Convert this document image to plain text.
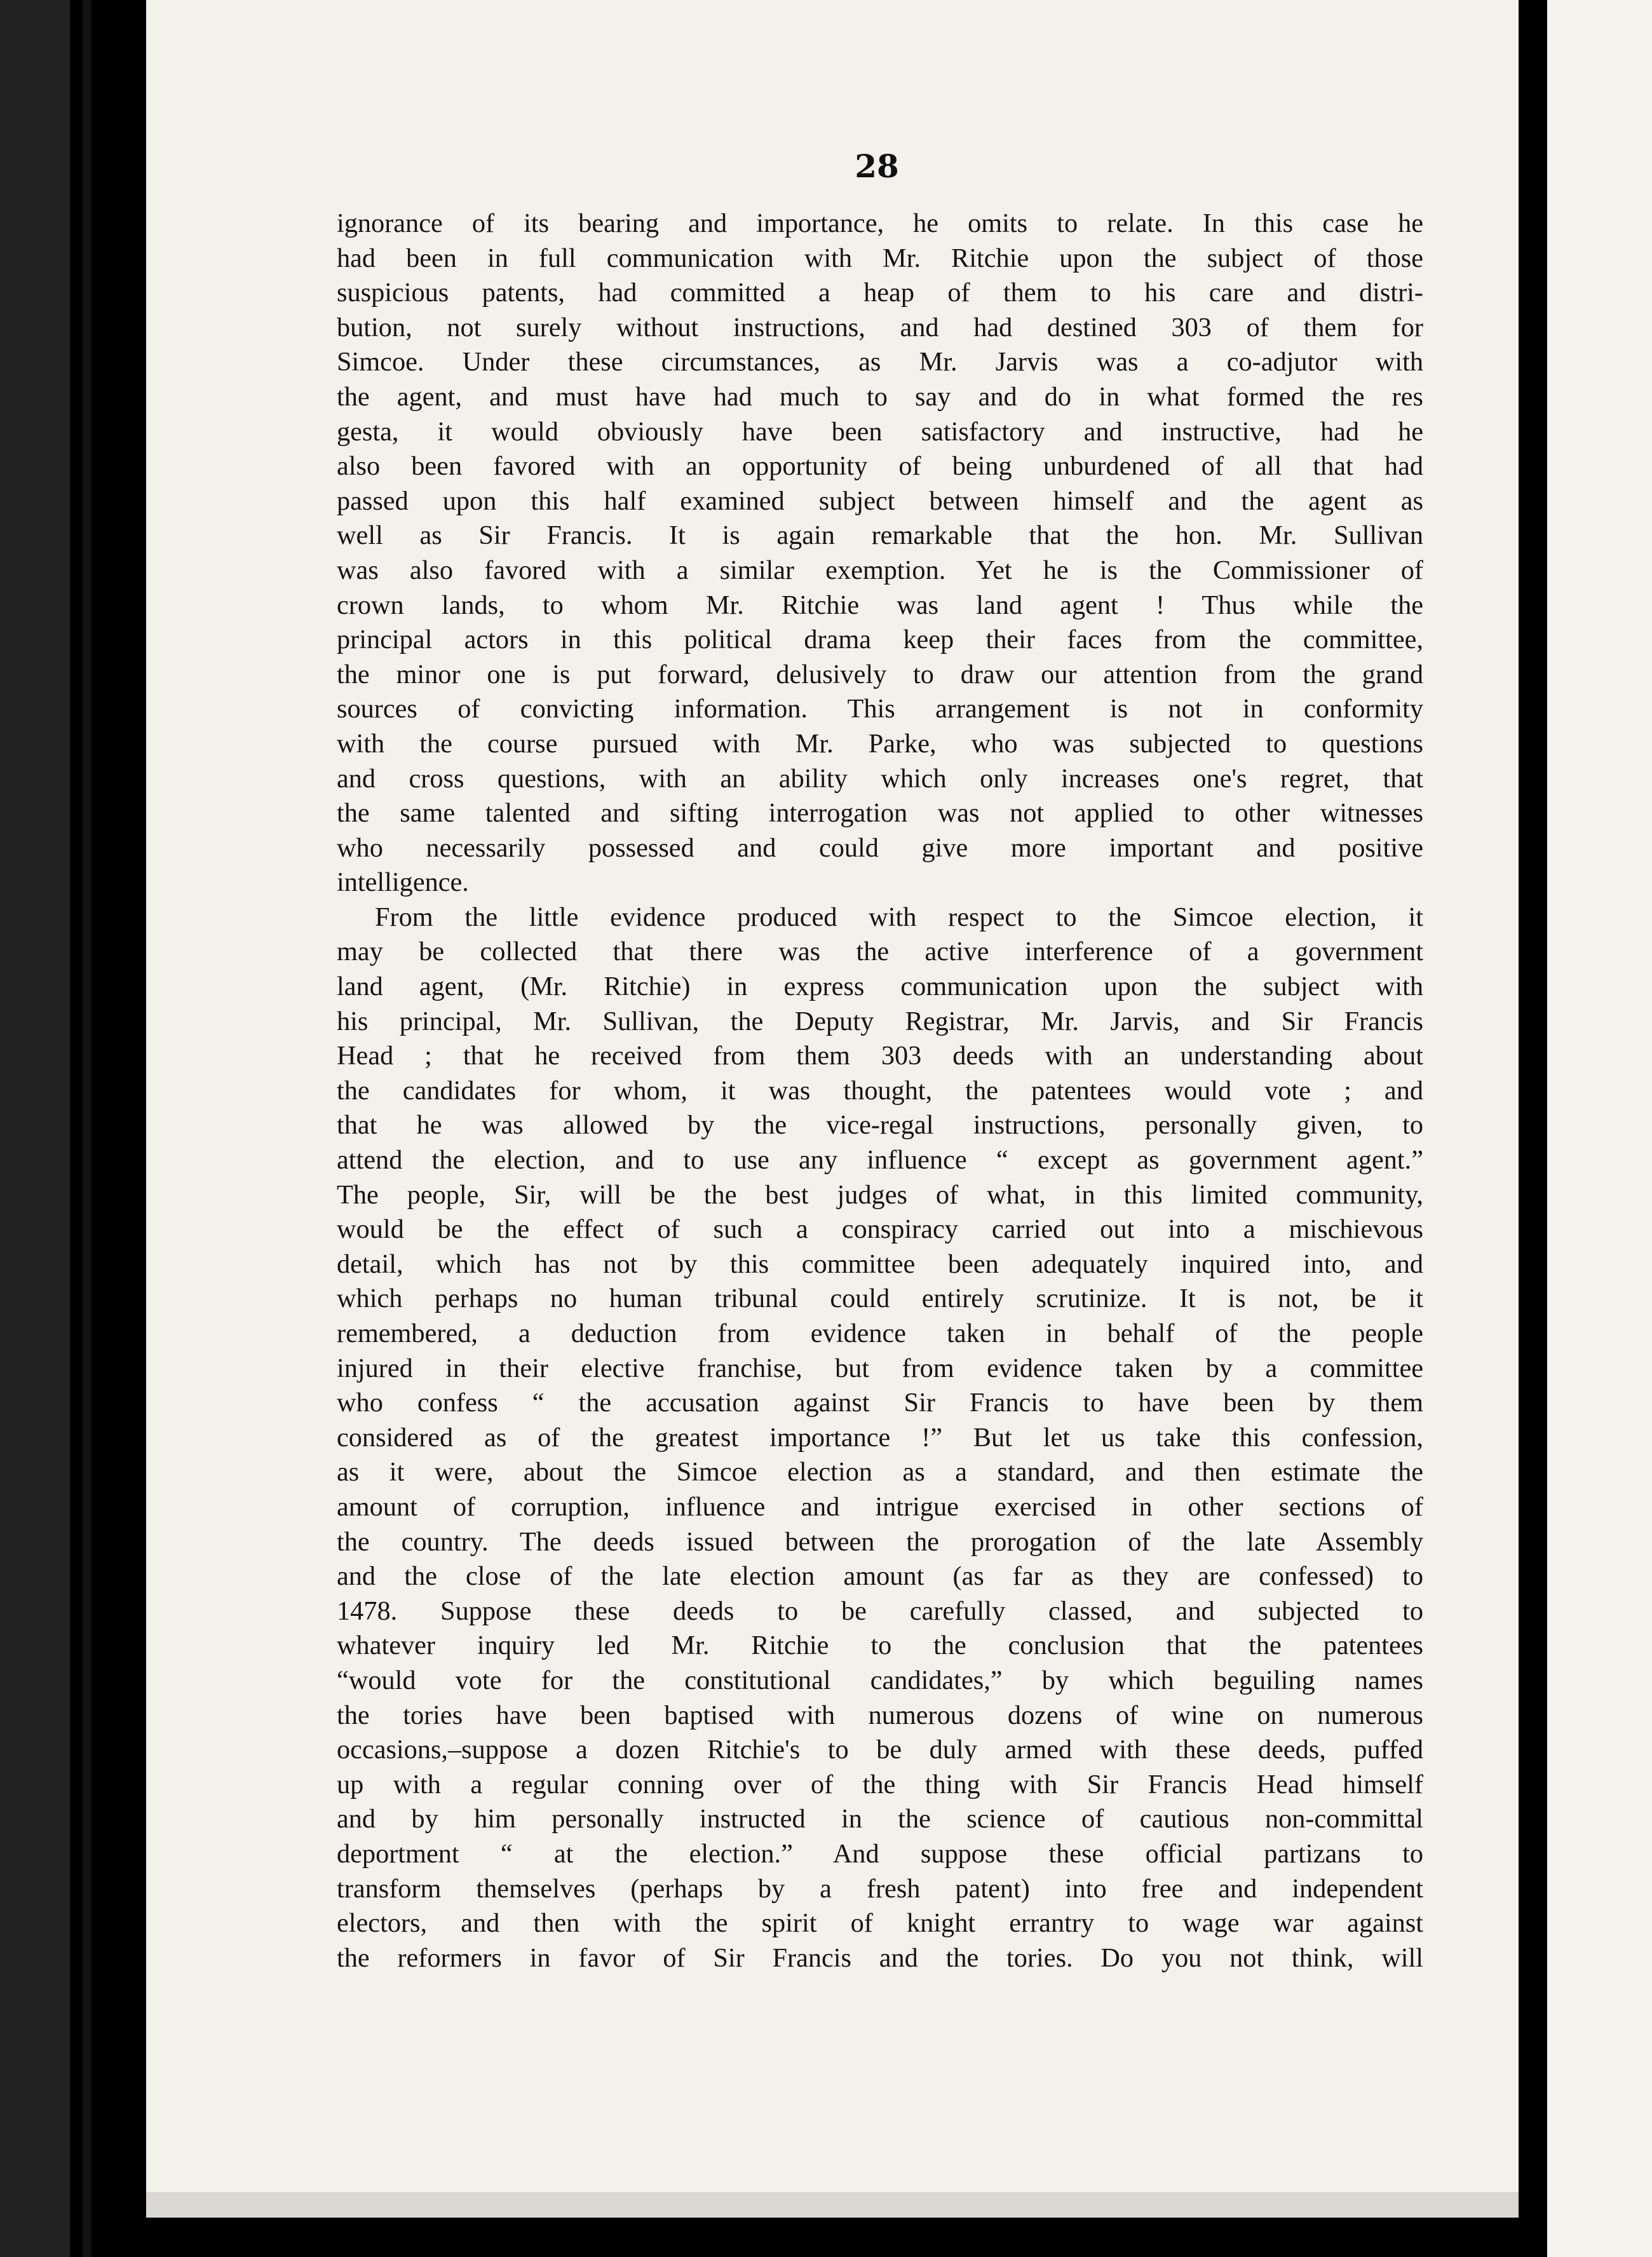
28
ignorance of its bearing and importance, he omits to relate. In this case he
had been in full communication with Mr. Ritchie upon the subject of those
suspicious patents, had committed a heap of them to his care and distri-
bution, not surely without instructions, and had destined 303 of them for
Simcoe. Under these circumstances, as Mr. Jarvis was a co-adjutor with
the agent, and must have had much to say and do in what formed the res
gesta, it would obviously have been satisfactory and instructive, had he
also been favored with an opportunity of being unburdened of all that had
passed upon this half examined subject between himself and the agent as
well as Sir Francis. It is again remarkable that the hon. Mr. Sullivan
was also favored with a similar exemption. Yet he is the Commissioner of
crown lands, to whom Mr. Ritchie was land agent ! Thus while the
principal actors in this political drama keep their faces from the committee,
the minor one is put forward, delusively to draw our attention from the grand
sources of convicting information. This arrangement is not in conformity
with the course pursued with Mr. Parke, who was subjected to questions
and cross questions, with an ability which only increases one's regret, that
the same talented and sifting interrogation was not applied to other witnesses
who necessarily possessed and could give more important and positive
intelligence.
From the little evidence produced with respect to the Simcoe election, it
may be collected that there was the active interference of a government
land agent, (Mr. Ritchie) in express communication upon the subject with
his principal, Mr. Sullivan, the Deputy Registrar, Mr. Jarvis, and Sir Francis
Head ; that he received from them 303 deeds with an understanding about
the candidates for whom, it was thought, the patentees would vote ; and
that he was allowed by the vice-regal instructions, personally given, to
attend the election, and to use any influence “ except as government agent.”
The people, Sir, will be the best judges of what, in this limited community,
would be the effect of such a conspiracy carried out into a mischievous
detail, which has not by this committee been adequately inquired into, and
which perhaps no human tribunal could entirely scrutinize. It is not, be it
remembered, a deduction from evidence taken in behalf of the people
injured in their elective franchise, but from evidence taken by a committee
who confess “ the accusation against Sir Francis to have been by them
considered as of the greatest importance !” But let us take this confession,
as it were, about the Simcoe election as a standard, and then estimate the
amount of corruption, influence and intrigue exercised in other sections of
the country. The deeds issued between the prorogation of the late Assembly
and the close of the late election amount (as far as they are confessed) to
1478. Suppose these deeds to be carefully classed, and subjected to
whatever inquiry led Mr. Ritchie to the conclusion that the patentees
“would vote for the constitutional candidates,” by which beguiling names
the tories have been baptised with numerous dozens of wine on numerous
occasions,–suppose a dozen Ritchie's to be duly armed with these deeds, puffed
up with a regular conning over of the thing with Sir Francis Head himself
and by him personally instructed in the science of cautious non-committal
deportment “ at the election.” And suppose these official partizans to
transform themselves (perhaps by a fresh patent) into free and independent
electors, and then with the spirit of knight errantry to wage war against
the reformers in favor of Sir Francis and the tories. Do you not think, will
